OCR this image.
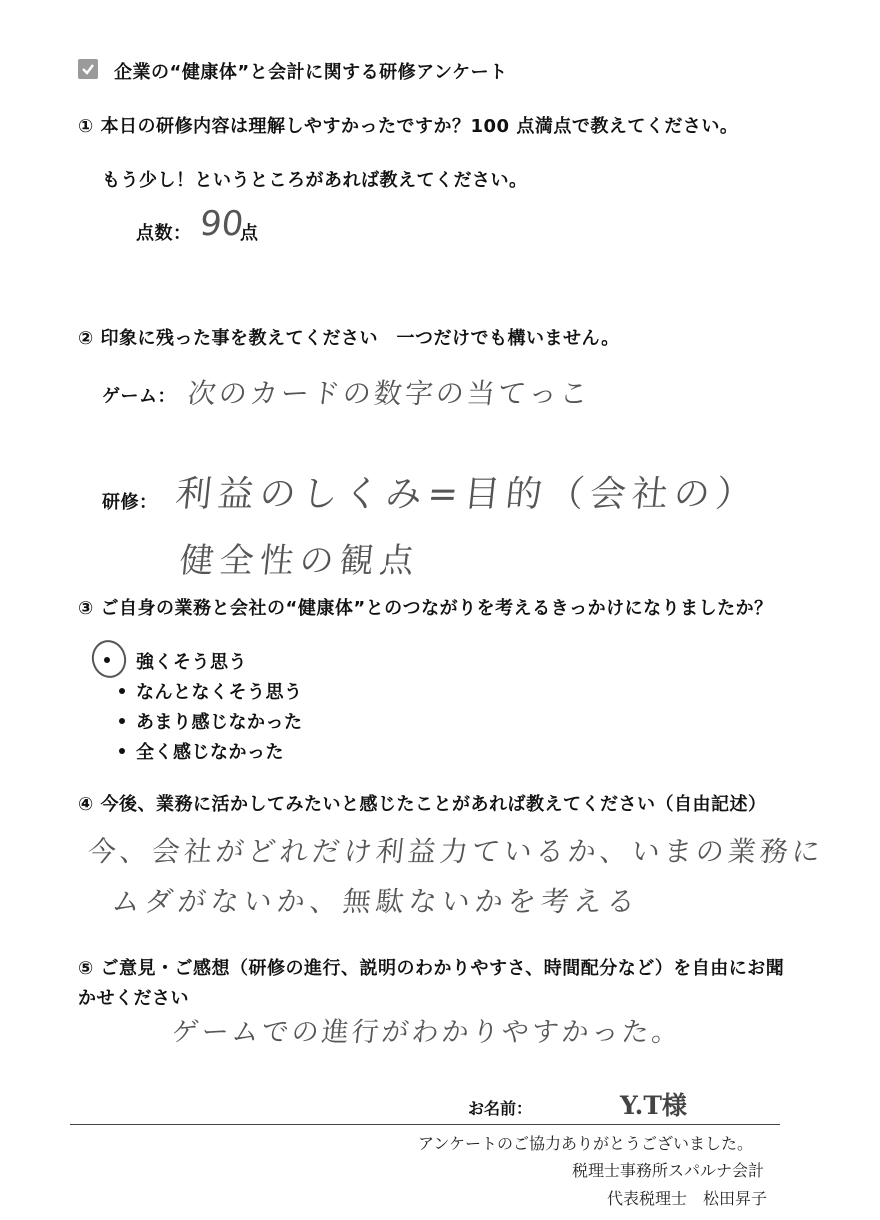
企業の“健康体”と会計に関する研修アンケート
① 本日の研修内容は理解しやすかったですか？100 点満点で教えてください。
もう少し！というところがあれば教えてください。
点数： 90
点
② 印象に残った事を教えてください　一つだけでも構いません。
ゲーム： 次のカードの数字の当てっこ
研修： 利益のしくみ=目的（会社の）
健全性の観点
③ ご自身の業務と会社の“健康体”とのつながりを考えるきっかけになりましたか？
強くそう思う
なんとなくそう思う
あまり感じなかった
全く感じなかった
④ 今後、業務に活かしてみたいと感じたことがあれば教えてください（自由記述）
今、会社がどれだけ利益力ているか、いまの業務に
ムダがないか、無駄ないかを考える
⑤ ご意見・ご感想（研修の進行、説明のわかりやすさ、時間配分など）を自由にお聞
かせください
ゲームでの進行がわかりやすかった。
お名前：	Y.T様
アンケートのご協力ありがとうございました。
税理士事務所スパルナ会計
代表税理士　松田昇子
